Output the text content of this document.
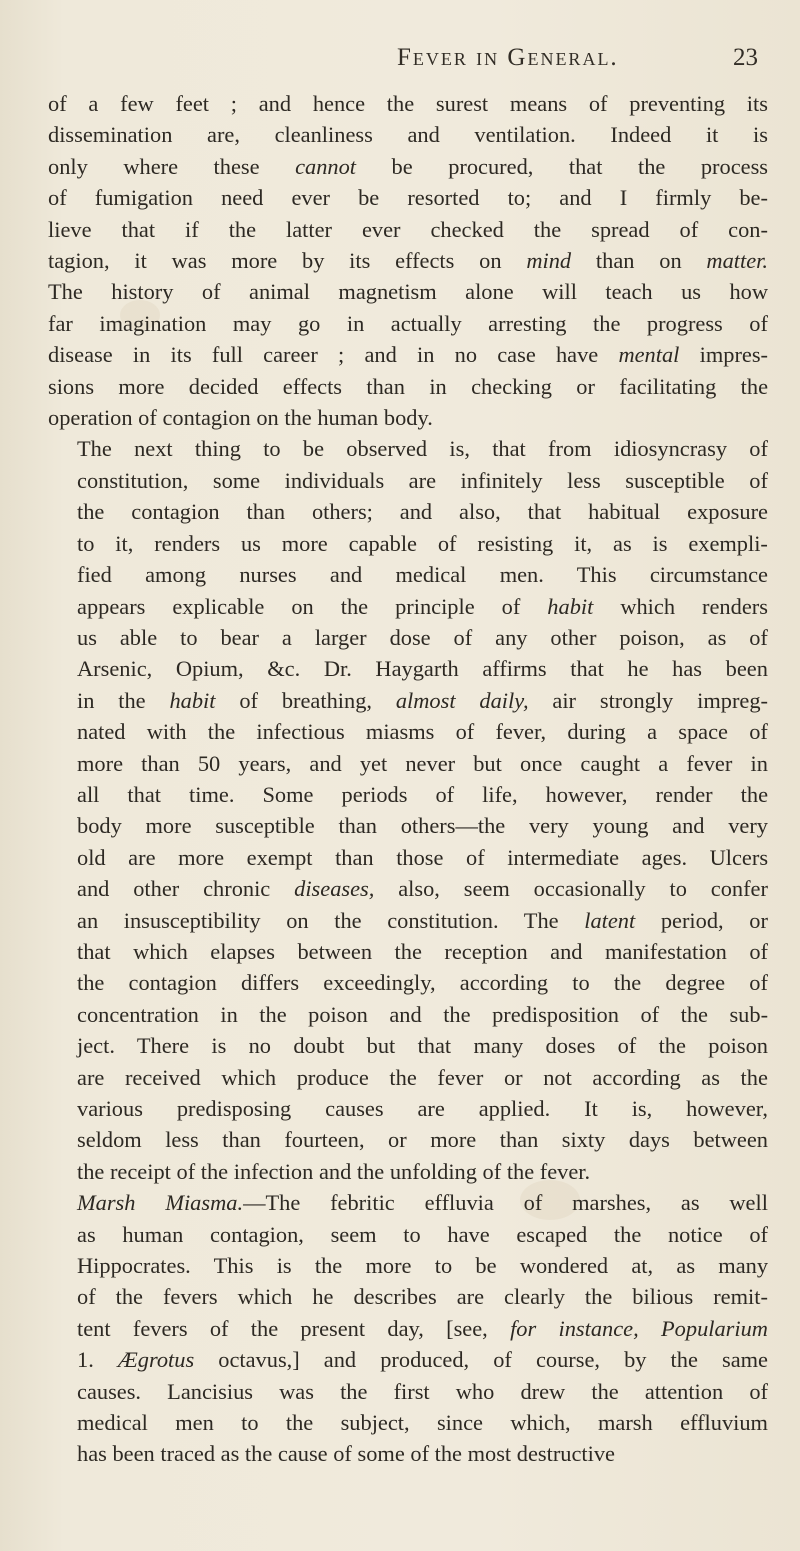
Fever in General.	23

of a few feet ; and hence the surest means of preventing its
dissemination are, cleanliness and ventilation. Indeed it is
only where these cannot be procured, that the process
of fumigation need ever be resorted to; and I firmly be-
lieve that if the latter ever checked the spread of con-
tagion, it was more by its effects on mind than on matter.
The history of animal magnetism alone will teach us how
far imagination may go in actually arresting the progress of
disease in its full career ; and in no case have mental impres-
sions more decided effects than in checking or facilitating the
operation of contagion on the human body.

The next thing to be observed is, that from idiosyncrasy of
constitution, some individuals are infinitely less susceptible of
the contagion than others; and also, that habitual exposure
to it, renders us more capable of resisting it, as is exempli-
fied among nurses and medical men. This circumstance
appears explicable on the principle of habit which renders
us able to bear a larger dose of any other poison, as of
Arsenic, Opium, &c. Dr. Haygarth affirms that he has been
in the habit of breathing, almost daily, air strongly impreg-
nated with the infectious miasms of fever, during a space of
more than 50 years, and yet never but once caught a fever in
all that time. Some periods of life, however, render the
body more susceptible than others—the very young and very
old are more exempt than those of intermediate ages. Ulcers
and other chronic diseases, also, seem occasionally to confer
an insusceptibility on the constitution. The latent period, or
that which elapses between the reception and manifestation of
the contagion differs exceedingly, according to the degree of
concentration in the poison and the predisposition of the sub-
ject. There is no doubt but that many doses of the poison
are received which produce the fever or not according as the
various predisposing causes are applied. It is, however,
seldom less than fourteen, or more than sixty days between
the receipt of the infection and the unfolding of the fever.

Marsh Miasma.—The febritic effluvia of marshes, as well
as human contagion, seem to have escaped the notice of
Hippocrates. This is the more to be wondered at, as many
of the fevers which he describes are clearly the bilious remit-
tent fevers of the present day, [see, for instance, Popularium
1. Ægrotus octavus,] and produced, of course, by the same
causes. Lancisius was the first who drew the attention of
medical men to the subject, since which, marsh effluvium
has been traced as the cause of some of the most destructive
